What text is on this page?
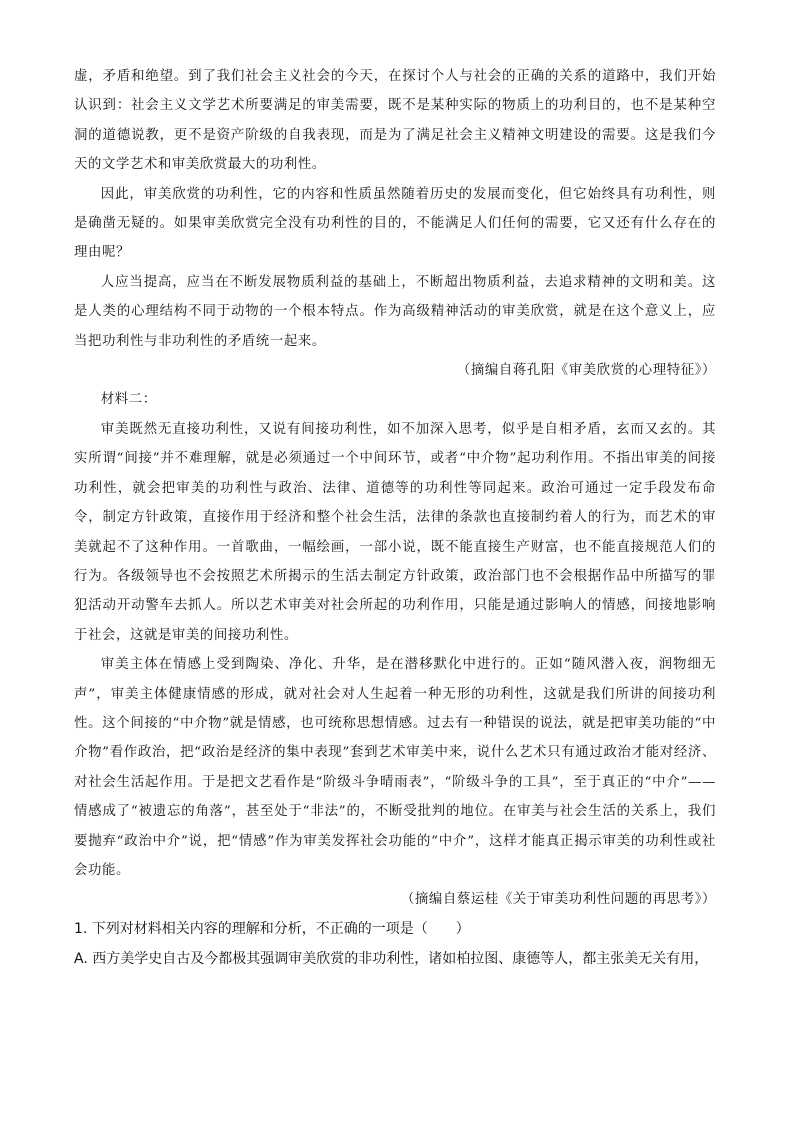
虚，矛盾和绝望。到了我们社会主义社会的今天，在探讨个人与社会的正确的关系的道路中，我们开始认识到：社会主义文学艺术所要满足的审美需要，既不是某种实际的物质上的功利目的，也不是某种空洞的道德说教，更不是资产阶级的自我表现，而是为了满足社会主义精神文明建设的需要。这是我们今天的文学艺术和审美欣赏最大的功利性。

因此，审美欣赏的功利性，它的内容和性质虽然随着历史的发展而变化，但它始终具有功利性，则是确凿无疑的。如果审美欣赏完全没有功利性的目的，不能满足人们任何的需要，它又还有什么存在的理由呢？

人应当提高，应当在不断发展物质利益的基础上，不断超出物质利益，去追求精神的文明和美。这是人类的心理结构不同于动物的一个根本特点。作为高级精神活动的审美欣赏，就是在这个意义上，应当把功利性与非功利性的矛盾统一起来。

（摘编自蒋孔阳《审美欣赏的心理特征》）

材料二：

审美既然无直接功利性，又说有间接功利性，如不加深入思考，似乎是自相矛盾，玄而又玄的。其实所谓“间接”并不难理解，就是必须通过一个中间环节，或者“中介物”起功利作用。不指出审美的间接功利性，就会把审美的功利性与政治、法律、道德等的功利性等同起来。政治可通过一定手段发布命令，制定方针政策，直接作用于经济和整个社会生活，法律的条款也直接制约着人的行为，而艺术的审美就起不了这种作用。一首歌曲，一幅绘画，一部小说，既不能直接生产财富，也不能直接规范人们的行为。各级领导也不会按照艺术所揭示的生活去制定方针政策，政治部门也不会根据作品中所描写的罪犯活动开动警车去抓人。所以艺术审美对社会所起的功利作用，只能是通过影响人的情感，间接地影响于社会，这就是审美的间接功利性。

审美主体在情感上受到陶染、净化、升华，是在潜移默化中进行的。正如“随风潜入夜，润物细无声”，审美主体健康情感的形成，就对社会对人生起着一种无形的功利性，这就是我们所讲的间接功利性。这个间接的“中介物”就是情感，也可统称思想情感。过去有一种错误的说法，就是把审美功能的“中介物”看作政治，把“政治是经济的集中表现”套到艺术审美中来，说什么艺术只有通过政治才能对经济、对社会生活起作用。于是把文艺看作是“阶级斗争晴雨表”，“阶级斗争的工具”，至于真正的“中介”——情感成了“被遗忘的角落”，甚至处于“非法”的，不断受批判的地位。在审美与社会生活的关系上，我们要抛弃“政治中介”说，把“情感”作为审美发挥社会功能的“中介”，这样才能真正揭示审美的功利性或社会功能。

（摘编自蔡运桂《关于审美功利性问题的再思考》）

1. 下列对材料相关内容的理解和分析，不正确的一项是（　　）

A. 西方美学史自古及今都极其强调审美欣赏的非功利性，诸如柏拉图、康德等人，都主张美无关有用，
